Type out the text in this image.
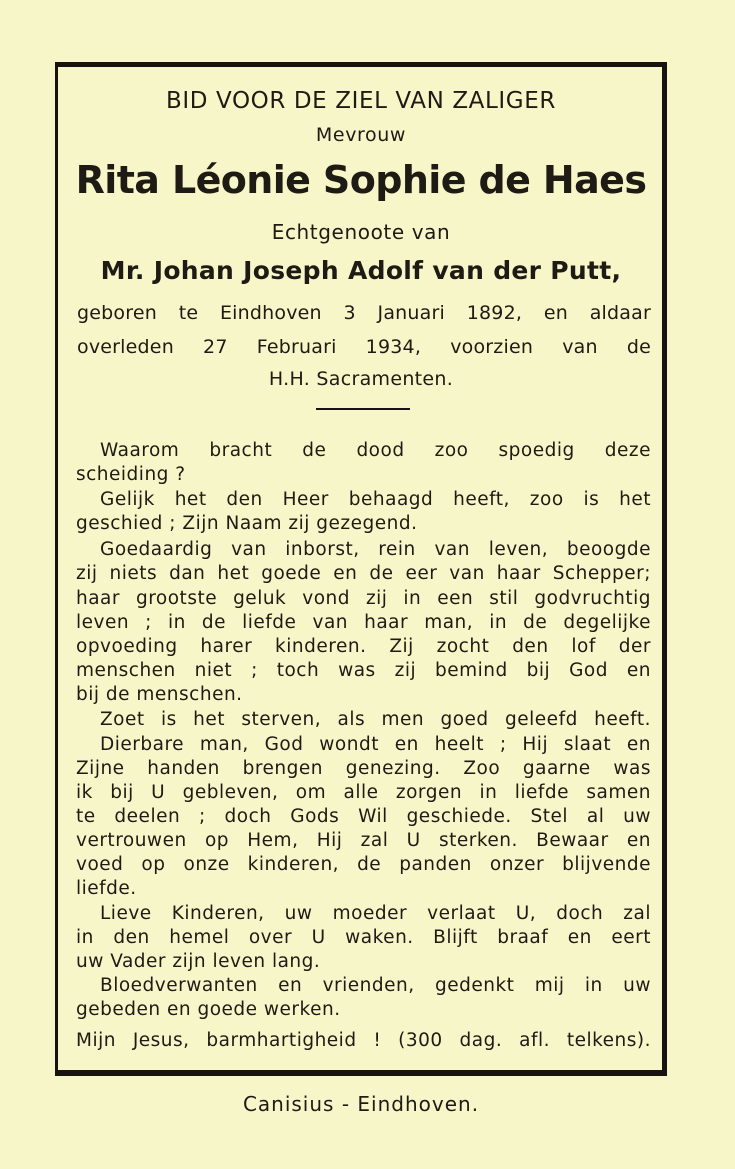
BID VOOR DE ZIEL VAN ZALIGER
Mevrouw
Rita Léonie Sophie de Haes
Echtgenoote van
Mr. Johan Joseph Adolf van der Putt,
geboren te Eindhoven 3 Januari 1892, en aldaar
overleden 27 Februari 1934, voorzien van de
H.H. Sacramenten.
Waarom bracht de dood zoo spoedig deze
scheiding ?
Gelijk het den Heer behaagd heeft, zoo is het
geschied ; Zijn Naam zij gezegend.
Goedaardig van inborst, rein van leven, beoogde
zij niets dan het goede en de eer van haar Schepper;
haar grootste geluk vond zij in een stil godvruchtig
leven ; in de liefde van haar man, in de degelijke
opvoeding harer kinderen. Zij zocht den lof der
menschen niet ; toch was zij bemind bij God en
bij de menschen.
Zoet is het sterven, als men goed geleefd heeft.
Dierbare man, God wondt en heelt ; Hij slaat en
Zijne handen brengen genezing. Zoo gaarne was
ik bij U gebleven, om alle zorgen in liefde samen
te deelen ; doch Gods Wil geschiede. Stel al uw
vertrouwen op Hem, Hij zal U sterken. Bewaar en
voed op onze kinderen, de panden onzer blijvende
liefde.
Lieve Kinderen, uw moeder verlaat U, doch zal
in den hemel over U waken. Blijft braaf en eert
uw Vader zijn leven lang.
Bloedverwanten en vrienden, gedenkt mij in uw
gebeden en goede werken.
Mijn Jesus, barmhartigheid ! (300 dag. afl. telkens).
Canisius - Eindhoven.
